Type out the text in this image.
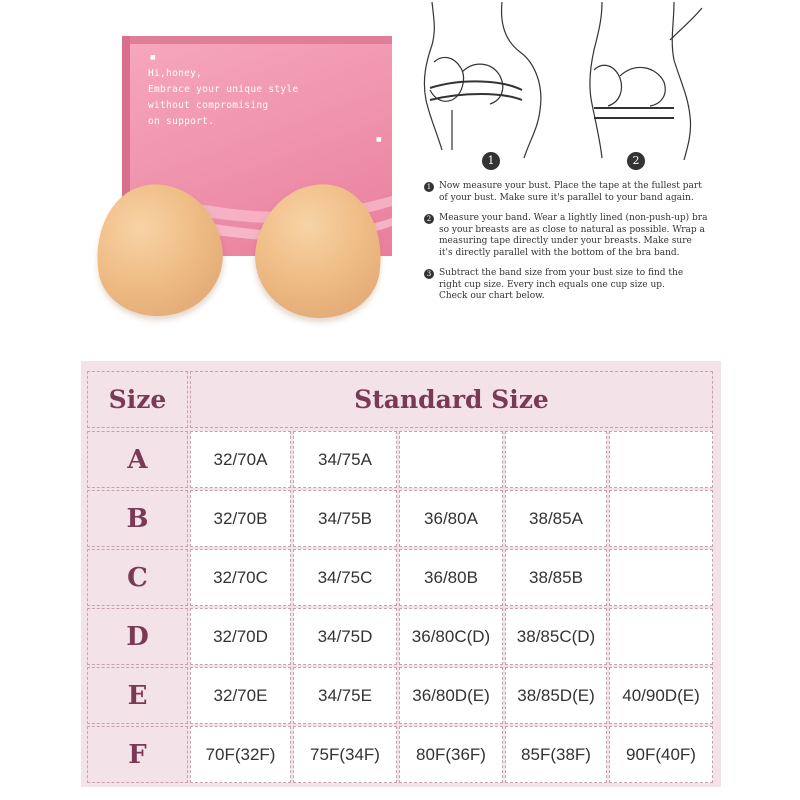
■
■
Hi,honey,
Embrace your unique style
without compromising
on support.
1	2
1 Now measure your bust. Place the tape at the fullest part
of your bust. Make sure it's parallel to your band again.
2 Measure your band. Wear a lightly lined (non-push-up) bra
so your breasts are as close to natural as possible. Wrap a
measuring tape directly under your breasts. Make sure
it's directly parallel with the bottom of the bra band.
3 Subtract the band size from your bust size to find the
right cup size. Every inch equals one cup size up.
Check our chart below.
Size	Standard Size
A	32/70A	34/75A
B	32/70B	34/75B	36/80A	38/85A
C	32/70C	34/75C	36/80B	38/85B
D	32/70D	34/75D	36/80C(D)	38/85C(D)
E	32/70E	34/75E	36/80D(E)	38/85D(E)	40/90D(E)
F	70F(32F)	75F(34F)	80F(36F)	85F(38F)	90F(40F)
